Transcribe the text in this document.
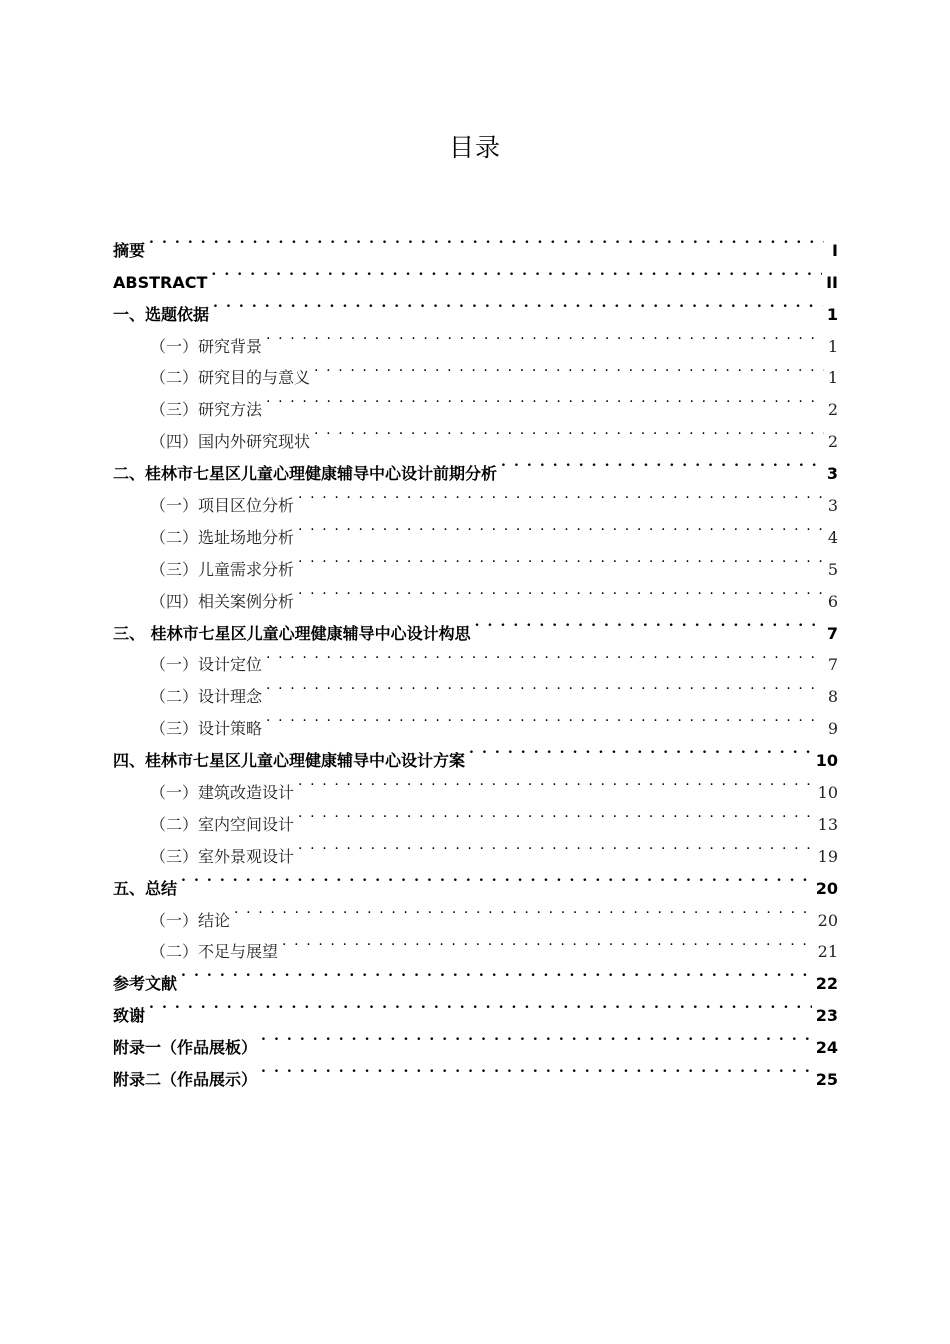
目录
摘要 . . .	I
ABSTRACT . . .	II
一、选题依据 . . .	1
（一）研究背景 . . .	1
（二）研究目的与意义 . . .	1
（三）研究方法 . . .	2
（四）国内外研究现状 . . .	2
二、桂林市七星区儿童心理健康辅导中心设计前期分析 . . .	3
（一）项目区位分析 . . .	3
（二）选址场地分析 . . .	4
（三）儿童需求分析 . . .	5
（四）相关案例分析 . . .	6
三、 桂林市七星区儿童心理健康辅导中心设计构思 . . .	7
（一）设计定位 . . .	7
（二）设计理念 . . .	8
（三）设计策略 . . .	9
四、桂林市七星区儿童心理健康辅导中心设计方案 . . .	10
（一）建筑改造设计 . . .	10
（二）室内空间设计 . . .	13
（三）室外景观设计 . . .	19
五、总结 . . .	20
（一）结论 . . .	20
（二）不足与展望 . . .	21
参考文献 . . .	22
致谢 . . .	23
附录一（作品展板） . . .	24
附录二（作品展示） . . .	25
